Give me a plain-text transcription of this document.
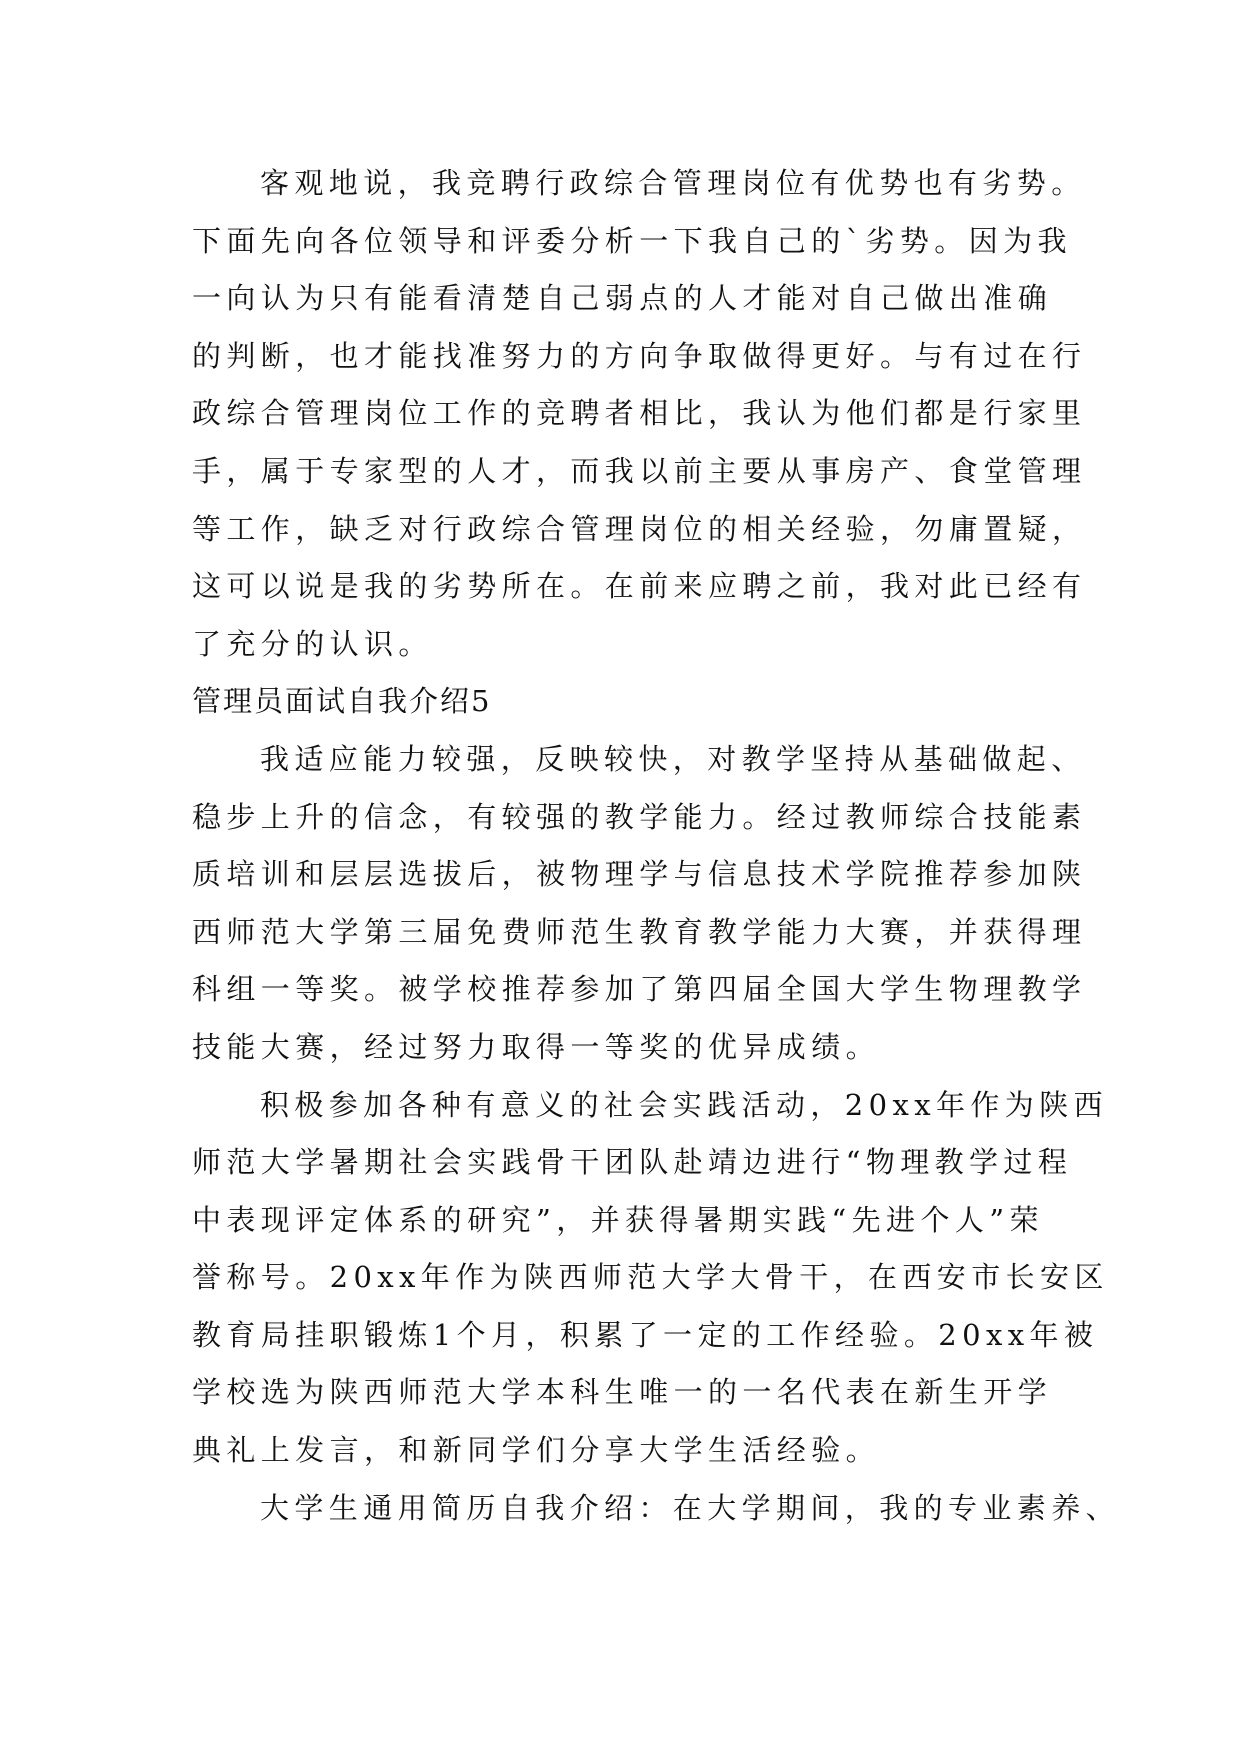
客观地说，我竞聘行政综合管理岗位有优势也有劣势。
下面先向各位领导和评委分析一下我自己的`劣势。因为我
一向认为只有能看清楚自己弱点的人才能对自己做出准确
的判断，也才能找准努力的方向争取做得更好。与有过在行
政综合管理岗位工作的竞聘者相比，我认为他们都是行家里
手，属于专家型的人才，而我以前主要从事房产、食堂管理
等工作，缺乏对行政综合管理岗位的相关经验，勿庸置疑，
这可以说是我的劣势所在。在前来应聘之前，我对此已经有
了充分的认识。
管理员面试自我介绍5
我适应能力较强，反映较快，对教学坚持从基础做起、
稳步上升的信念，有较强的教学能力。经过教师综合技能素
质培训和层层选拔后，被物理学与信息技术学院推荐参加陕
西师范大学第三届免费师范生教育教学能力大赛，并获得理
科组一等奖。被学校推荐参加了第四届全国大学生物理教学
技能大赛，经过努力取得一等奖的优异成绩。
积极参加各种有意义的社会实践活动，20xx年作为陕西
师范大学暑期社会实践骨干团队赴靖边进行“物理教学过程
中表现评定体系的研究”，并获得暑期实践“先进个人”荣
誉称号。20xx年作为陕西师范大学大骨干，在西安市长安区
教育局挂职锻炼1个月，积累了一定的工作经验。20xx年被
学校选为陕西师范大学本科生唯一的一名代表在新生开学
典礼上发言，和新同学们分享大学生活经验。
大学生通用简历自我介绍：在大学期间，我的专业素养、
